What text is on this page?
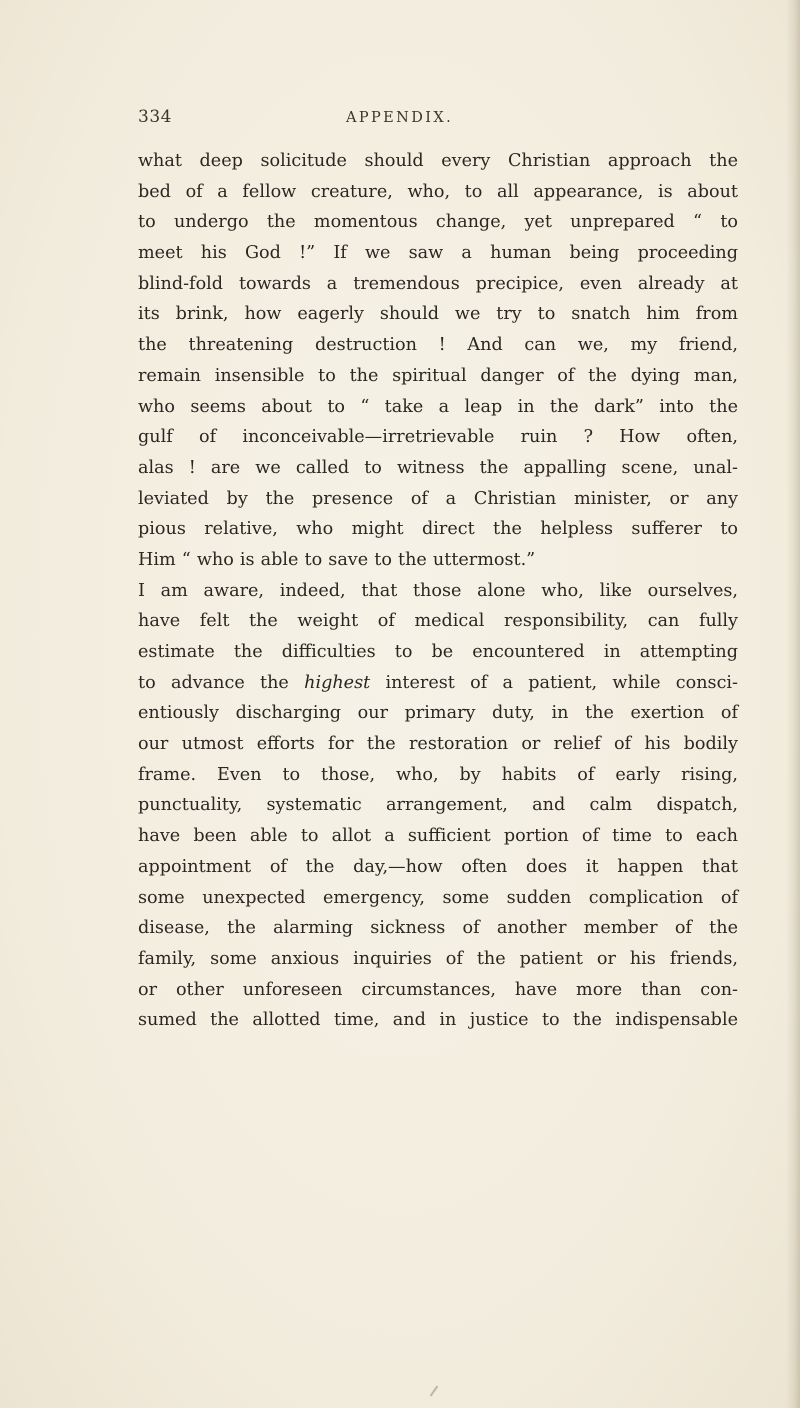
334	APPENDIX.
what deep solicitude should every Christian approach the
bed of a fellow creature, who, to all appearance, is about
to undergo the momentous change, yet unprepared “ to
meet his God !” If we saw a human being proceeding
blind-fold towards a tremendous precipice, even already at
its brink, how eagerly should we try to snatch him from
the threatening destruction ! And can we, my friend,
remain insensible to the spiritual danger of the dying man,
who seems about to “ take a leap in the dark” into the
gulf of inconceivable—irretrievable ruin ? How often,
alas ! are we called to witness the appalling scene, unal-
leviated by the presence of a Christian minister, or any
pious relative, who might direct the helpless sufferer to
Him “ who is able to save to the uttermost.”
I am aware, indeed, that those alone who, like ourselves,
have felt the weight of medical responsibility, can fully
estimate the difficulties to be encountered in attempting
to advance the highest interest of a patient, while consci-
entiously discharging our primary duty, in the exertion of
our utmost efforts for the restoration or relief of his bodily
frame. Even to those, who, by habits of early rising,
punctuality, systematic arrangement, and calm dispatch,
have been able to allot a sufficient portion of time to each
appointment of the day,—how often does it happen that
some unexpected emergency, some sudden complication of
disease, the alarming sickness of another member of the
family, some anxious inquiries of the patient or his friends,
or other unforeseen circumstances, have more than con-
sumed the allotted time, and in justice to the indispensable
